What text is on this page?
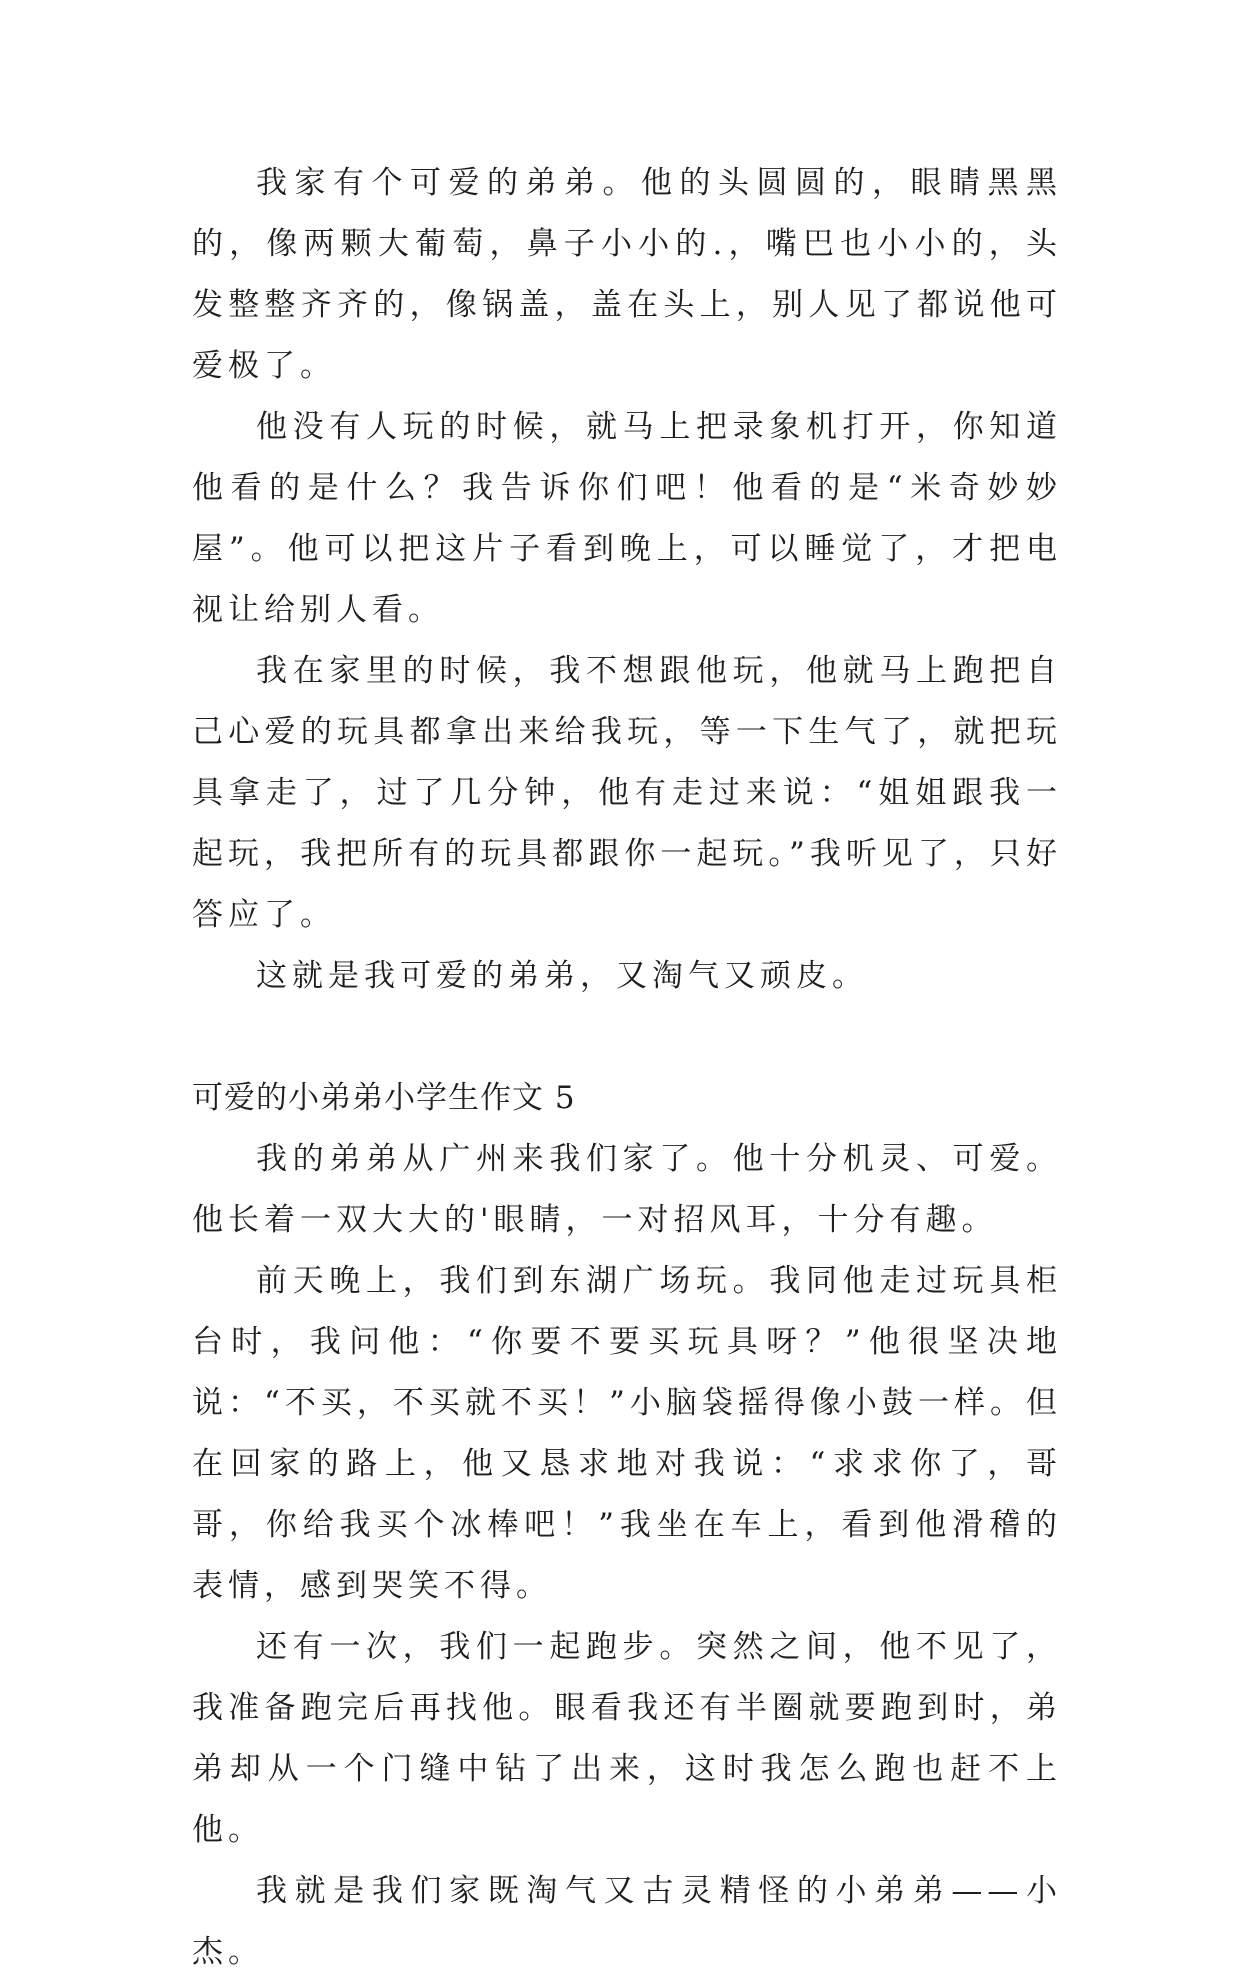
我家有个可爱的弟弟。他的头圆圆的，眼睛黑黑的，像两颗大葡萄，鼻子小小的.，嘴巴也小小的，头发整整齐齐的，像锅盖，盖在头上，别人见了都说他可爱极了。

他没有人玩的时候，就马上把录象机打开，你知道他看的是什么？我告诉你们吧！他看的是“米奇妙妙屋”。他可以把这片子看到晚上，可以睡觉了，才把电视让给别人看。

我在家里的时候，我不想跟他玩，他就马上跑把自己心爱的玩具都拿出来给我玩，等一下生气了，就把玩具拿走了，过了几分钟，他有走过来说：“姐姐跟我一起玩，我把所有的玩具都跟你一起玩。”我听见了，只好答应了。

这就是我可爱的弟弟，又淘气又顽皮。

可爱的小弟弟小学生作文 5

我的弟弟从广州来我们家了。他十分机灵、可爱。他长着一双大大的'眼睛，一对招风耳，十分有趣。

前天晚上，我们到东湖广场玩。我同他走过玩具柜台时，我问他：“你要不要买玩具呀？”他很坚决地说：“不买，不买就不买！”小脑袋摇得像小鼓一样。但在回家的路上，他又恳求地对我说：“求求你了，哥哥，你给我买个冰棒吧！”我坐在车上，看到他滑稽的表情，感到哭笑不得。

还有一次，我们一起跑步。突然之间，他不见了，我准备跑完后再找他。眼看我还有半圈就要跑到时，弟弟却从一个门缝中钻了出来，这时我怎么跑也赶不上他。

我就是我们家既淘气又古灵精怪的小弟弟——小杰。
